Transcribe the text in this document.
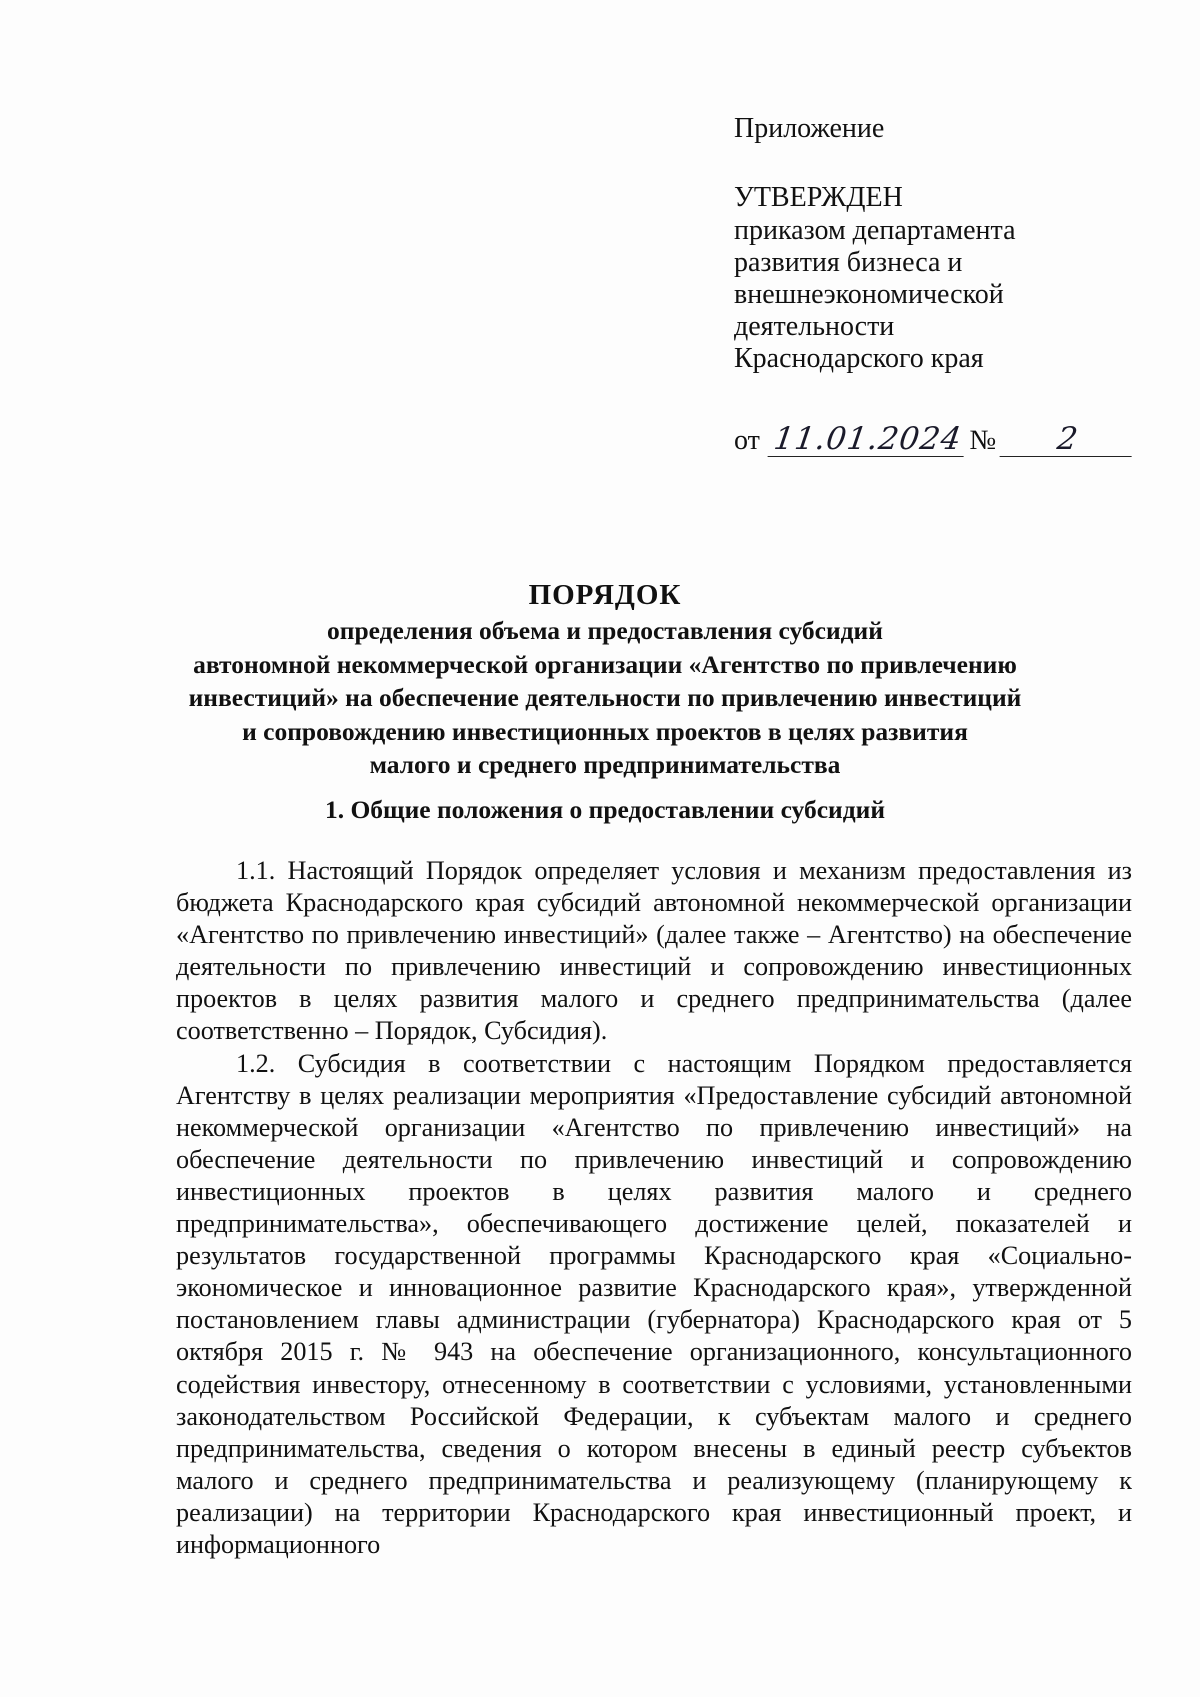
Приложение
УТВЕРЖДЕН
приказом департамента
развития бизнеса и
внешнеэкономической
деятельности
Краснодарского края
от 11.01.2024 №	2
ПОРЯДОК
определения объема и предоставления субсидий
автономной некоммерческой организации «Агентство по привлечению
инвестиций» на обеспечение деятельности по привлечению инвестиций
и сопровождению инвестиционных проектов в целях развития
малого и среднего предпринимательства
1. Общие положения о предоставлении субсидий

1.1. Настоящий Порядок определяет условия и механизм предоставления из бюджета Краснодарского края субсидий автономной некоммерческой организации «Агентство по привлечению инвестиций» (далее также – Агентство) на обеспечение деятельности по привлечению инвестиций и сопровождению инвестиционных проектов в целях развития малого и среднего предпринимательства (далее соответственно – Порядок, Субсидия).

1.2. Субсидия в соответствии с настоящим Порядком предоставляется Агентству в целях реализации мероприятия «Предоставление субсидий автономной некоммерческой организации «Агентство по привлечению инвестиций» на обеспечение деятельности по привлечению инвестиций и сопровождению инвестиционных проектов в целях развития малого и среднего предпринимательства», обеспечивающего достижение целей, показателей и результатов государственной программы Краснодарского края «Социально-экономическое и инновационное развитие Краснодарского края», утвержденной постановлением главы администрации (губернатора) Краснодарского края от 5 октября 2015 г. № 943 на обеспечение организационного, консультационного содействия инвестору, отнесенному в соответствии с условиями, установленными законодательством Российской Федерации, к субъектам малого и среднего предпринимательства, сведения о котором внесены в единый реестр субъектов малого и среднего предпринимательства и реализующему (планирующему к реализации) на территории Краснодарского края инвестиционный проект, и информационного
